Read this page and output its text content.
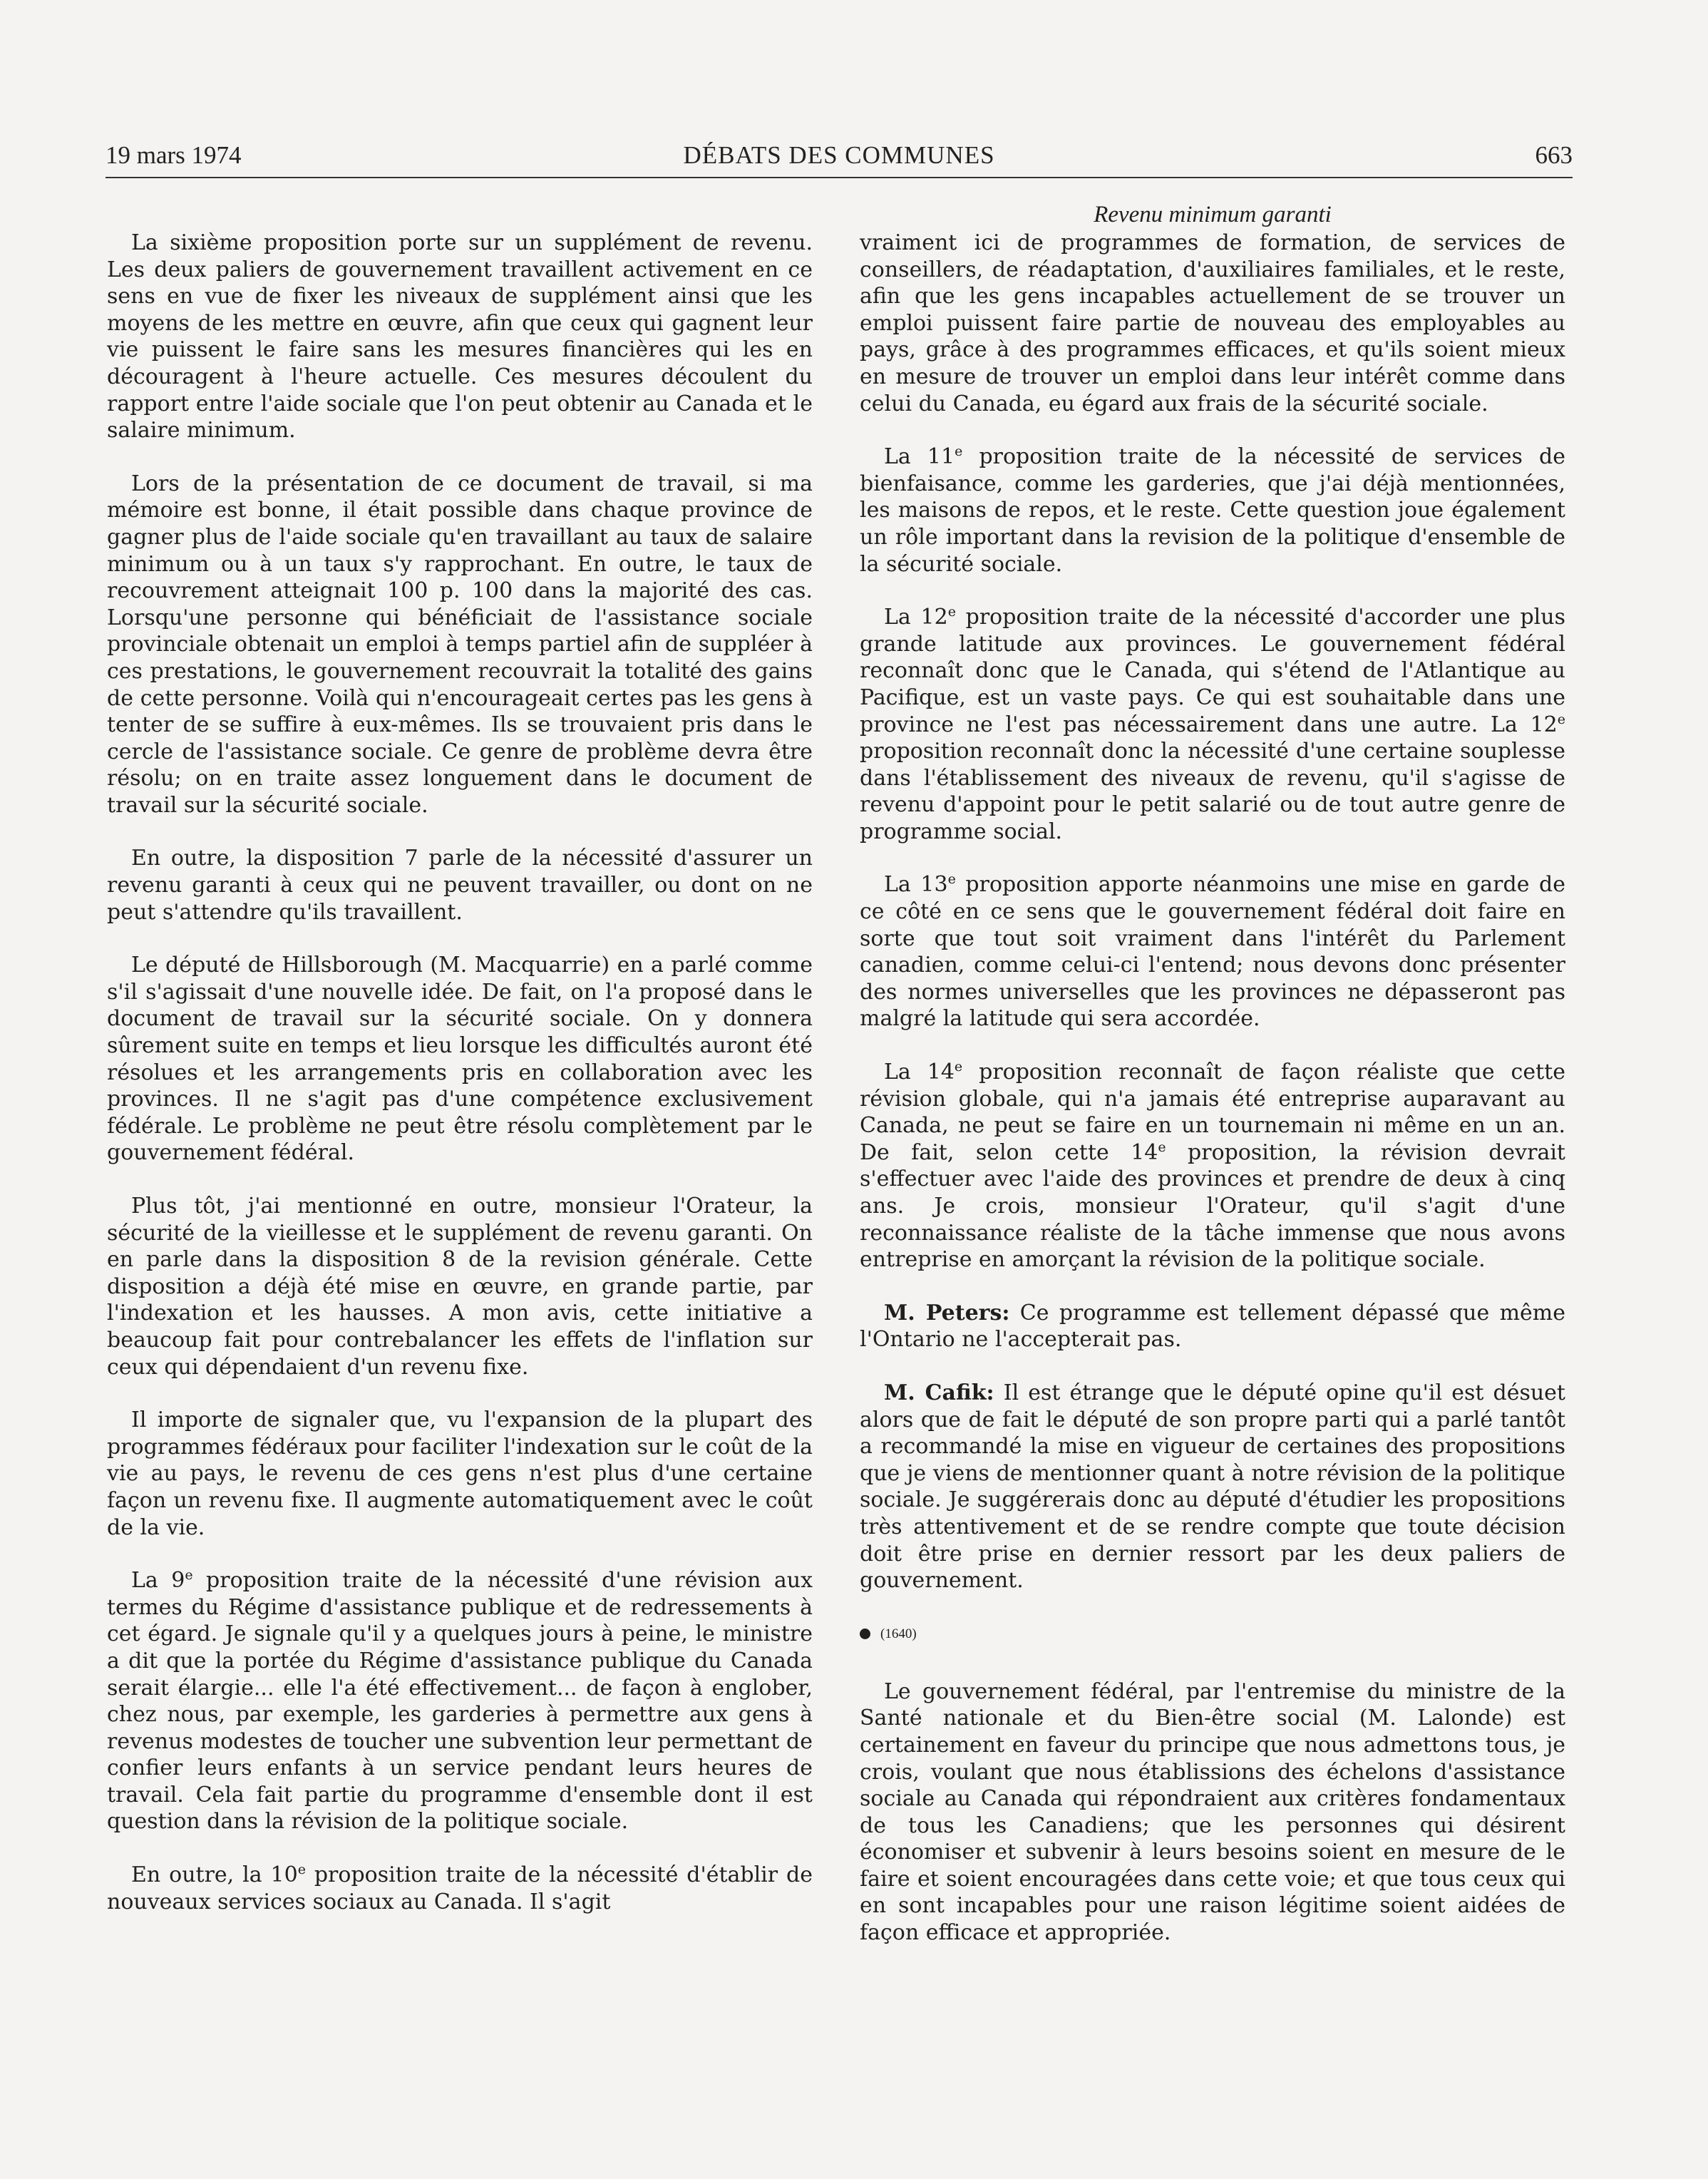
19 mars 1974	DÉBATS DES COMMUNES	663

La sixième proposition porte sur un supplément de revenu. Les deux paliers de gouvernement travaillent activement en ce sens en vue de fixer les niveaux de supplément ainsi que les moyens de les mettre en œuvre, afin que ceux qui gagnent leur vie puissent le faire sans les mesures financières qui les en découragent à l'heure actuelle. Ces mesures découlent du rapport entre l'aide sociale que l'on peut obtenir au Canada et le salaire minimum.

Lors de la présentation de ce document de travail, si ma mémoire est bonne, il était possible dans chaque province de gagner plus de l'aide sociale qu'en travaillant au taux de salaire minimum ou à un taux s'y rapprochant. En outre, le taux de recouvrement atteignait 100 p. 100 dans la majorité des cas. Lorsqu'une personne qui bénéficiait de l'assistance sociale provinciale obtenait un emploi à temps partiel afin de suppléer à ces prestations, le gouvernement recouvrait la totalité des gains de cette personne. Voilà qui n'encourageait certes pas les gens à tenter de se suffire à eux-mêmes. Ils se trouvaient pris dans le cercle de l'assistance sociale. Ce genre de problème devra être résolu; on en traite assez longuement dans le document de travail sur la sécurité sociale.

En outre, la disposition 7 parle de la nécessité d'assurer un revenu garanti à ceux qui ne peuvent travailler, ou dont on ne peut s'attendre qu'ils travaillent.

Le député de Hillsborough (M. Macquarrie) en a parlé comme s'il s'agissait d'une nouvelle idée. De fait, on l'a proposé dans le document de travail sur la sécurité sociale. On y donnera sûrement suite en temps et lieu lorsque les difficultés auront été résolues et les arrangements pris en collaboration avec les provinces. Il ne s'agit pas d'une compétence exclusivement fédérale. Le problème ne peut être résolu complètement par le gouvernement fédéral.

Plus tôt, j'ai mentionné en outre, monsieur l'Orateur, la sécurité de la vieillesse et le supplément de revenu garanti. On en parle dans la disposition 8 de la revision générale. Cette disposition a déjà été mise en œuvre, en grande partie, par l'indexation et les hausses. A mon avis, cette initiative a beaucoup fait pour contrebalancer les effets de l'inflation sur ceux qui dépendaient d'un revenu fixe.

Il importe de signaler que, vu l'expansion de la plupart des programmes fédéraux pour faciliter l'indexation sur le coût de la vie au pays, le revenu de ces gens n'est plus d'une certaine façon un revenu fixe. Il augmente automatiquement avec le coût de la vie.

La 9e proposition traite de la nécessité d'une révision aux termes du Régime d'assistance publique et de redressements à cet égard. Je signale qu'il y a quelques jours à peine, le ministre a dit que la portée du Régime d'assistance publique du Canada serait élargie... elle l'a été effectivement... de façon à englober, chez nous, par exemple, les garderies à permettre aux gens à revenus modestes de toucher une subvention leur permettant de confier leurs enfants à un service pendant leurs heures de travail. Cela fait partie du programme d'ensemble dont il est question dans la révision de la politique sociale.

En outre, la 10e proposition traite de la nécessité d'établir de nouveaux services sociaux au Canada. Il s'agit

Revenu minimum garanti

vraiment ici de programmes de formation, de services de conseillers, de réadaptation, d'auxiliaires familiales, et le reste, afin que les gens incapables actuellement de se trouver un emploi puissent faire partie de nouveau des employables au pays, grâce à des programmes efficaces, et qu'ils soient mieux en mesure de trouver un emploi dans leur intérêt comme dans celui du Canada, eu égard aux frais de la sécurité sociale.

La 11e proposition traite de la nécessité de services de bienfaisance, comme les garderies, que j'ai déjà mentionnées, les maisons de repos, et le reste. Cette question joue également un rôle important dans la revision de la politique d'ensemble de la sécurité sociale.

La 12e proposition traite de la nécessité d'accorder une plus grande latitude aux provinces. Le gouvernement fédéral reconnaît donc que le Canada, qui s'étend de l'Atlantique au Pacifique, est un vaste pays. Ce qui est souhaitable dans une province ne l'est pas nécessairement dans une autre. La 12e proposition reconnaît donc la nécessité d'une certaine souplesse dans l'établissement des niveaux de revenu, qu'il s'agisse de revenu d'appoint pour le petit salarié ou de tout autre genre de programme social.

La 13e proposition apporte néanmoins une mise en garde de ce côté en ce sens que le gouvernement fédéral doit faire en sorte que tout soit vraiment dans l'intérêt du Parlement canadien, comme celui-ci l'entend; nous devons donc présenter des normes universelles que les provinces ne dépasseront pas malgré la latitude qui sera accordée.

La 14e proposition reconnaît de façon réaliste que cette révision globale, qui n'a jamais été entreprise auparavant au Canada, ne peut se faire en un tournemain ni même en un an. De fait, selon cette 14e proposition, la révision devrait s'effectuer avec l'aide des provinces et prendre de deux à cinq ans. Je crois, monsieur l'Orateur, qu'il s'agit d'une reconnaissance réaliste de la tâche immense que nous avons entreprise en amorçant la révision de la politique sociale.

M. Peters: Ce programme est tellement dépassé que même l'Ontario ne l'accepterait pas.

M. Cafik: Il est étrange que le député opine qu'il est désuet alors que de fait le député de son propre parti qui a parlé tantôt a recommandé la mise en vigueur de certaines des propositions que je viens de mentionner quant à notre révision de la politique sociale. Je suggérerais donc au député d'étudier les propositions très attentivement et de se rendre compte que toute décision doit être prise en dernier ressort par les deux paliers de gouvernement.

(1640)

Le gouvernement fédéral, par l'entremise du ministre de la Santé nationale et du Bien-être social (M. Lalonde) est certainement en faveur du principe que nous admettons tous, je crois, voulant que nous établissions des échelons d'assistance sociale au Canada qui répondraient aux critères fondamentaux de tous les Canadiens; que les personnes qui désirent économiser et subvenir à leurs besoins soient en mesure de le faire et soient encouragées dans cette voie; et que tous ceux qui en sont incapables pour une raison légitime soient aidées de façon efficace et appropriée.
